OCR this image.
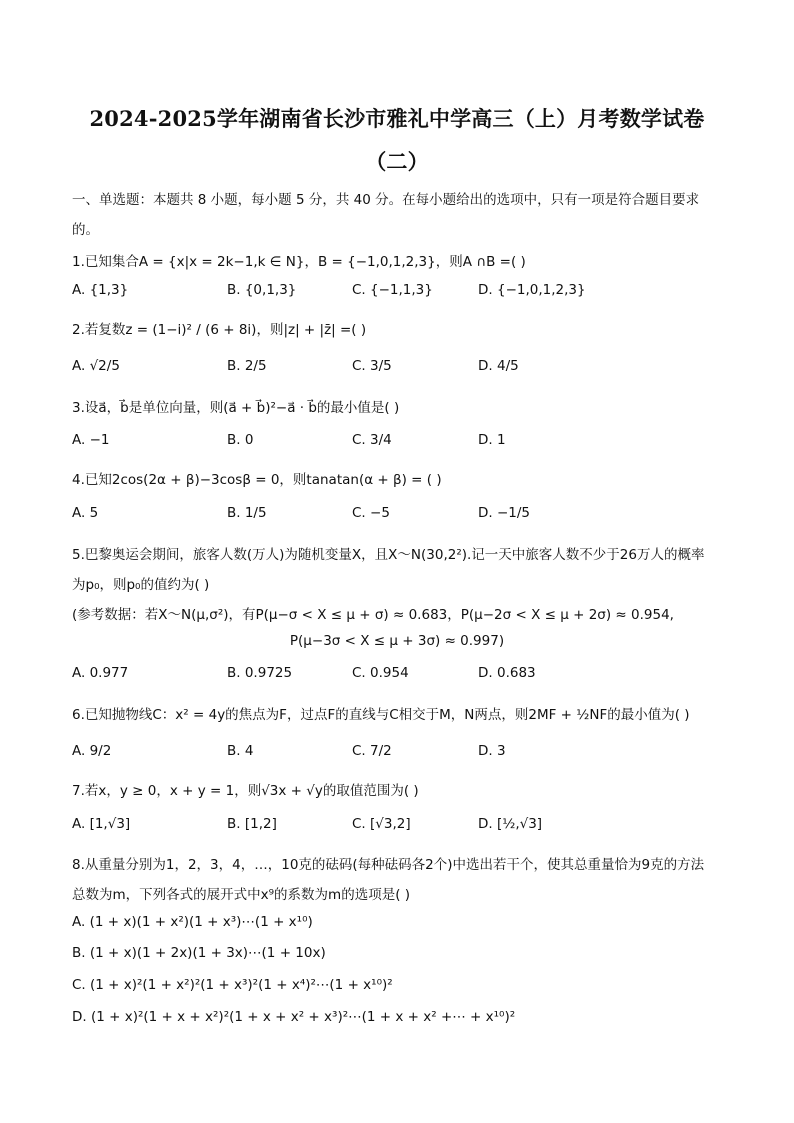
2024-2025学年湖南省长沙市雅礼中学高三（上）月考数学试卷
（二）
一、单选题：本题共 8 小题，每小题 5 分，共 40 分。在每小题给出的选项中，只有一项是符合题目要求
的。
1.已知集合A = {x|x = 2k−1,k ∈ N}，B = {−1,0,1,2,3}，则A ∩B =( )
A. {1,3}	B. {0,1,3}	C. {−1,1,3}	D. {−1,0,1,2,3}
2.若复数z = (1−i)² / (6 + 8i)，则|z| + |z̄| =( )
A. √2/5	B. 2/5	C. 3/5	D. 4/5
3.设a⃗，b⃗是单位向量，则(a⃗ + b⃗)²−a⃗ · b⃗的最小值是( )
A. −1	B. 0	C. 3/4	D. 1
4.已知2cos(2α + β)−3cosβ = 0，则tanatan(α + β) = ( )
A. 5	B. 1/5	C. −5	D. −1/5
5.巴黎奥运会期间，旅客人数(万人)为随机变量X，且X～N(30,2²).记一天中旅客人数不少于26万人的概率
为p₀，则p₀的值约为( )
(参考数据：若X～N(μ,σ²)，有P(μ−σ < X ≤ μ + σ) ≈ 0.683，P(μ−2σ < X ≤ μ + 2σ) ≈ 0.954,
P(μ−3σ < X ≤ μ + 3σ) ≈ 0.997)
A. 0.977	B. 0.9725	C. 0.954	D. 0.683
6.已知抛物线C：x² = 4y的焦点为F，过点F的直线与C相交于M，N两点，则2MF + ½NF的最小值为( )
A. 9/2	B. 4	C. 7/2	D. 3
7.若x，y ≥ 0，x + y = 1，则√3x + √y的取值范围为( )
A. [1,√3]	B. [1,2]	C. [√3,2]	D. [½,√3]
8.从重量分别为1，2，3，4，…，10克的砝码(每种砝码各2个)中选出若干个，使其总重量恰为9克的方法
总数为m，下列各式的展开式中x⁹的系数为m的选项是( )
A. (1 + x)(1 + x²)(1 + x³)⋯(1 + x¹⁰)
B. (1 + x)(1 + 2x)(1 + 3x)⋯(1 + 10x)
C. (1 + x)²(1 + x²)²(1 + x³)²(1 + x⁴)²⋯(1 + x¹⁰)²
D. (1 + x)²(1 + x + x²)²(1 + x + x² + x³)²⋯(1 + x + x² +⋯ + x¹⁰)²
